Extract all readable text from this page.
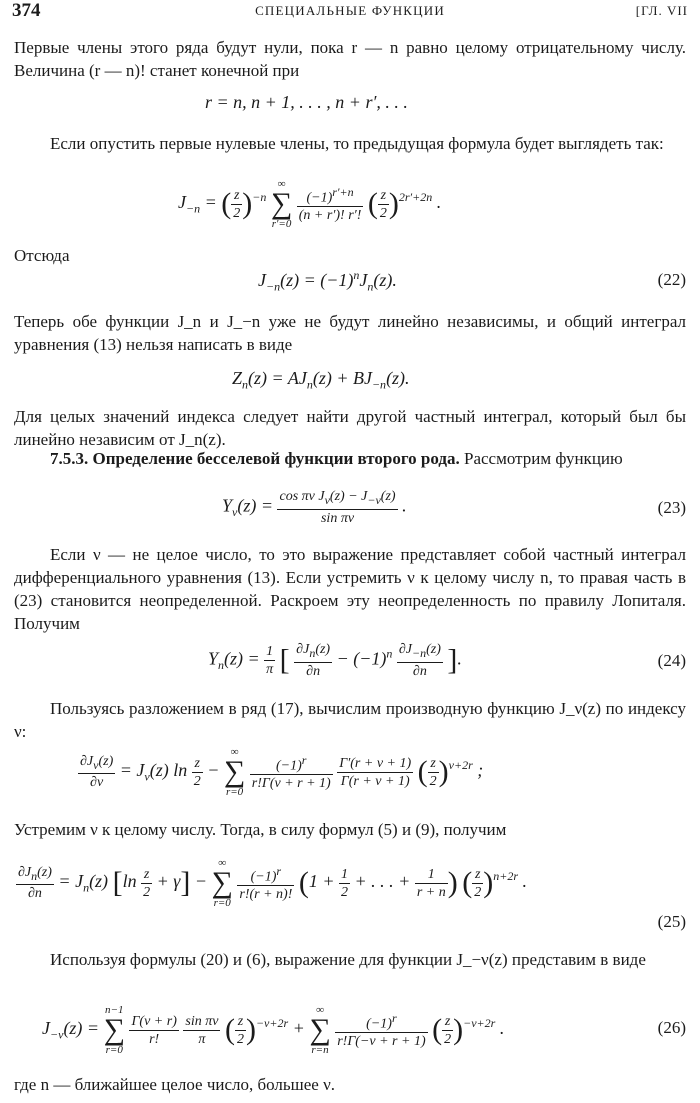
374	СПЕЦИАЛЬНЫЕ ФУНКЦИИ	[ГЛ. VII
Первые члены этого ряда будут нули, пока r — n равно целому отрицательному числу. Величина (r — n)! станет конечной при
r = n, n + 1, . . . , n + r′, . . .
Если опустить первые нулевые члены, то предыдущая формула будет выглядеть так:
$J_{-n}$ = ( $\frac{z}{2} )^{-n}$
∞
∑
r′=0
$\frac{(-1)^{r'+n}}{(n + r')! r'!}$ ( $\frac{z}{2} )^{2r'+2n}$ .
Отсюда
$J_{-n}(z) = (-1)^nJ_n(z)$.	(22)
Теперь обе функции J_n и J_−n уже не будут линейно независимы, и общий интеграл уравнения (13) нельзя написать в виде
$Z_n(z) = AJ_n(z) + BJ_{-n}(z)$.
Для целых значений индекса следует найти другой частный интеграл, который был бы линейно независим от J_n(z).
7.5.3. Определение бесселевой функции второго рода. Рассмотрим функцию
$Y_\nu(z) = \frac{\cos \pi\nu J_\nu(z) - J_{-\nu}(z)}{\text{sin πν}}$ .	(23)
Если ν — не целое число, то это выражение представляет собой частный интеграл дифференциального уравнения (13). Если устремить ν к целому числу n, то правая часть в (23) становится неопределенной. Раскроем эту неопределенность по правилу Лопиталя. Получим
$Y_n(z) = \frac{1}{\pi}$ [ $\frac{\partial J_n(z)}{\partial n} - (-1)^n \frac{\partial J_{-n}(z)}{\partial n}$ ].	(24)
Пользуясь разложением в ряд (17), вычислим производную функцию J_ν(z) по индексу ν:
$\frac{\partial J_\nu(z)}{\partial\nu} = J_\nu(z)$ $\ln \frac{z}{2}$ −
∞
∑
r=0
$\frac{(-1)^r}{r!\Gamma(\nu + r + 1)}$
$\frac{\Gamma'(r + \nu + 1)}{\Gamma(r + \nu + 1)}$ ( $\frac{z}{2} )^{\nu+2r}$ ;
Устремим ν к целому числу. Тогда, в силу формул (5) и (9), получим
$\frac{\partial J_n(z)}{\partial n} = J_n(z)$ $[\ln \frac{z}{2} + \gamma]$ −
∞
∑
r=0
$\frac{(-1)^r}{r!(r + n)!} (1 + \frac{1}{2}$ + . . . + $\frac{1}{r + n}$ ) ( $\frac{z}{2} )^{n+2r}$ .
(25)
Используя формулы (20) и (6), выражение для функции J_−ν(z) представим в виде
$J_{-\nu}(z)$ =
n−1
∑
r=0

$\frac{\Gamma(\nu + r)}{r!}$
$\frac{\text{sin πν}}{\pi}$ ( $\frac{z}{2} )^{-\nu+2r}$ +
∞
∑
r=n
$\frac{(-1)^r}{r!\Gamma(-\nu + r + 1)}$ ( $\frac{z}{2} )^{-\nu+2r}$ .	(26)
где n — ближайшее целое число, большее ν.
